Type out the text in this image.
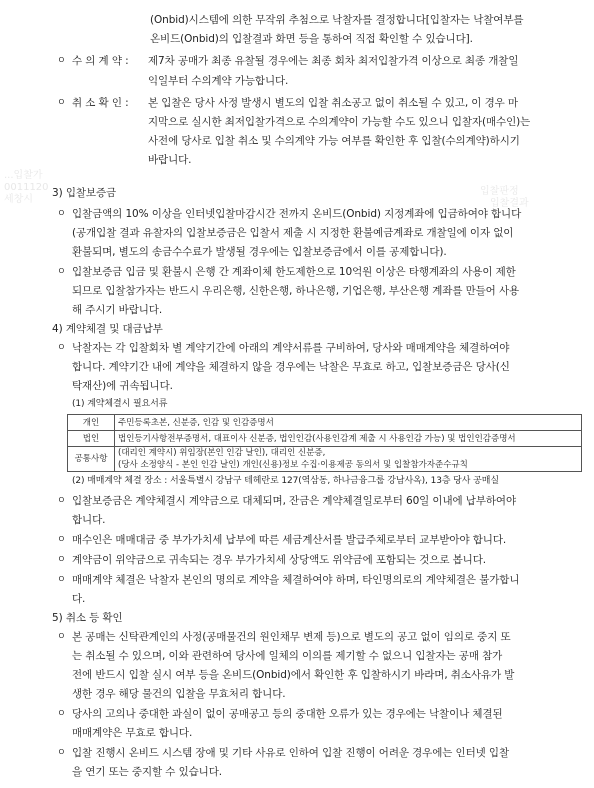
...입찰가
0011120
세창시
　입찰판정
　　입찰결과
(Onbid)시스템에 의한 무작위 추첨으로 낙찰자를 결정합니다[입찰자는 낙찰여부를
온비드(Onbid)의 입찰결과 화면 등을 통하여 직접 확인할 수 있습니다].
ㅇ 수 의 계 약 : 제7차 공매가 최종 유찰될 경우에는 최종 회차 최저입찰가격 이상으로 최종 개찰일
익일부터 수의계약 가능합니다.
ㅇ 취 소 확 인 : 본 입찰은 당사 사정 발생시 별도의 입찰 취소공고 없이 취소될 수 있고, 이 경우 마
지막으로 실시한 최저입찰가격으로 수의계약이 가능할 수도 있으니 입찰자(매수인)는
사전에 당사로 입찰 취소 및 수의계약 가능 여부를 확인한 후 입찰(수의계약)하시기
바랍니다.
3) 입찰보증금
ㅇ 입찰금액의 10% 이상을 인터넷입찰마감시간 전까지 온비드(Onbid) 지정계좌에 입금하여야 합니다
(공개입찰 결과 유찰자의 입찰보증금은 입찰서 제출 시 지정한 환불예금계좌로 개찰일에 이자 없이
환불되며, 별도의 송금수수료가 발생될 경우에는 입찰보증금에서 이를 공제합니다).
ㅇ 입찰보증금 입금 및 환불시 은행 간 계좌이체 한도제한으로 10억원 이상은 타행계좌의 사용이 제한
되므로 입찰참가자는 반드시 우리은행, 신한은행, 하나은행, 기업은행, 부산은행 계좌를 만들어 사용
해 주시기 바랍니다.
4) 계약체결 및 대금납부
ㅇ 낙찰자는 각 입찰회차 별 계약기간에 아래의 계약서류를 구비하여, 당사와 매매계약을 체결하여야
합니다. 계약기간 내에 계약을 체결하지 않을 경우에는 낙찰은 무효로 하고, 입찰보증금은 당사(신
탁재산)에 귀속됩니다.
(1) 계약체결시 필요서류
개인	주민등록초본, 신분증, 인감 및 인감증명서
법인	법인등기사항전부증명서, 대표이사 신분증, 법인인감(사용인감계 제출 시 사용인감 가능) 및 법인인감증명서
공통사항	(대리인 계약시) 위임장(본인 인감 날인), 대리인 신분증,
(당사 소정양식 - 본인 인감 날인) 개인(신용)정보 수집·이용제공 동의서 및 입찰참가자준수규칙
(2) 매매계약 체결 장소 : 서울특별시 강남구 테헤란로 127(역삼동, 하나금융그룹 강남사옥), 13층 당사 공매실
ㅇ 입찰보증금은 계약체결시 계약금으로 대체되며, 잔금은 계약체결일로부터 60일 이내에 납부하여야
합니다.
ㅇ 매수인은 매매대금 중 부가가치세 납부에 따른 세금계산서를 발급주체로부터 교부받아야 합니다.
ㅇ 계약금이 위약금으로 귀속되는 경우 부가가치세 상당액도 위약금에 포함되는 것으로 봅니다.
ㅇ 매매계약 체결은 낙찰자 본인의 명의로 계약을 체결하여야 하며, 타인명의로의 계약체결은 불가합니
다.
5) 취소 등 확인
ㅇ 본 공매는 신탁관계인의 사정(공매물건의 원인채무 변제 등)으로 별도의 공고 없이 임의로 중지 또
는 취소될 수 있으며, 이와 관련하여 당사에 일체의 이의를 제기할 수 없으니 입찰자는 공매 참가
전에 반드시 입찰 실시 여부 등을 온비드(Onbid)에서 확인한 후 입찰하시기 바라며, 취소사유가 발
생한 경우 해당 물건의 입찰을 무효처리 합니다.
ㅇ 당사의 고의나 중대한 과실이 없이 공매공고 등의 중대한 오류가 있는 경우에는 낙찰이나 체결된
매매계약은 무효로 합니다.
ㅇ 입찰 진행시 온비드 시스템 장애 및 기타 사유로 인하여 입찰 진행이 어려운 경우에는 인터넷 입찰
을 연기 또는 중지할 수 있습니다.
